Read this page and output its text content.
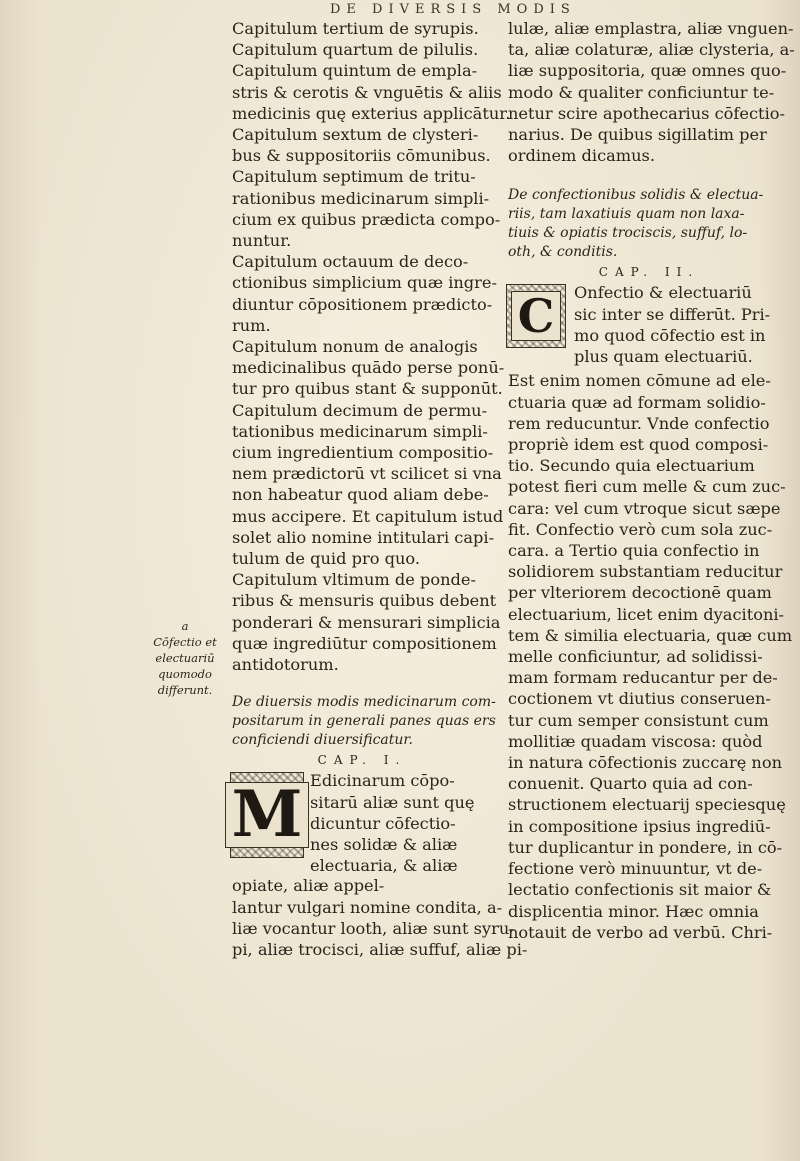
DE DIVERSIS MODIS
a
Cōfectio et
electuariū
quomodo
differunt.
Capitulum tertium de syrupis.
Capitulum quartum de pilulis.
Capitulum quintum de empla-
stris & cerotis & vnguētis & aliis
medicinis quę exterius applicātur.
Capitulum sextum de clysteri-
bus & suppositoriis cōmunibus.
Capitulum septimum de tritu-
rationibus medicinarum simpli-
cium ex quibus prædicta compo-
nuntur.
Capitulum octauum de deco-
ctionibus simplicium quæ ingre-
diuntur cōpositionem prædicto-
rum.
Capitulum nonum de analogis
medicinalibus quādo perse ponū-
tur pro quibus stant & supponūt.
Capitulum decimum de permu-
tationibus medicinarum simpli-
cium ingredientium compositio-
nem prædictorū vt scilicet si vna
non habeatur quod aliam debe-
mus accipere. Et capitulum istud
solet alio nomine intitulari capi-
tulum de quid pro quo.
Capitulum vltimum de ponde-
ribus & mensuris quibus debent
ponderari & mensurari simplicia
quæ ingrediūtur compositionem
antidotorum.
De diuersis modis medicinarum com-
positarum in generali panes quas ers
conficiendi diuersificatur.
CAP. I.
M Edicinarum cōpo-
sitarū aliæ sunt quę
dicuntur cōfectio-
nes solidæ & aliæ
electuaria, & aliæ
opiate, aliæ appel-
lantur vulgari nomine condita, a-
liæ vocantur looth, aliæ sunt syru-
pi, aliæ trocisci, aliæ suffuf, aliæ pi-
lulæ, aliæ emplastra, aliæ vnguen-
ta, aliæ colaturæ, aliæ clysteria, a-
liæ suppositoria, quæ omnes quo-
modo & qualiter conficiuntur te-
netur scire apothecarius cōfectio-
narius. De quibus sigillatim per
ordinem dicamus.
De confectionibus solidis & electua-
riis, tam laxatiuis quam non laxa-
tiuis & opiatis trociscis, suffuf, lo-
oth, & conditis.
CAP. II.
C	Onfectio & electuariū
sic inter se differūt. Pri-
mo quod cōfectio est in
plus quam electuariū.
Est enim nomen cōmune ad ele-
ctuaria quæ ad formam solidio-
rem reducuntur. Vnde confectio
propriè idem est quod composi-
tio. Secundo quia electuarium
potest fieri cum melle & cum zuc-
cara: vel cum vtroque sicut sæpe
fit. Confectio verò cum sola zuc-
cara. a Tertio quia confectio in
solidiorem substantiam reducitur
per vlteriorem decoctionē quam
electuarium, licet enim dyacitoni-
tem & similia electuaria, quæ cum
melle conficiuntur, ad solidissi-
mam formam reducantur per de-
coctionem vt diutius conseruen-
tur cum semper consistunt cum
mollitiæ quadam viscosa: quòd
in natura cōfectionis zuccarę non
conuenit. Quarto quia ad con-
structionem electuarij speciesquę
in compositione ipsius ingrediū-
tur duplicantur in pondere, in cō-
fectione verò minuuntur, vt de-
lectatio confectionis sit maior &
displicentia minor. Hæc omnia
notauit de verbo ad verbū. Chri-
